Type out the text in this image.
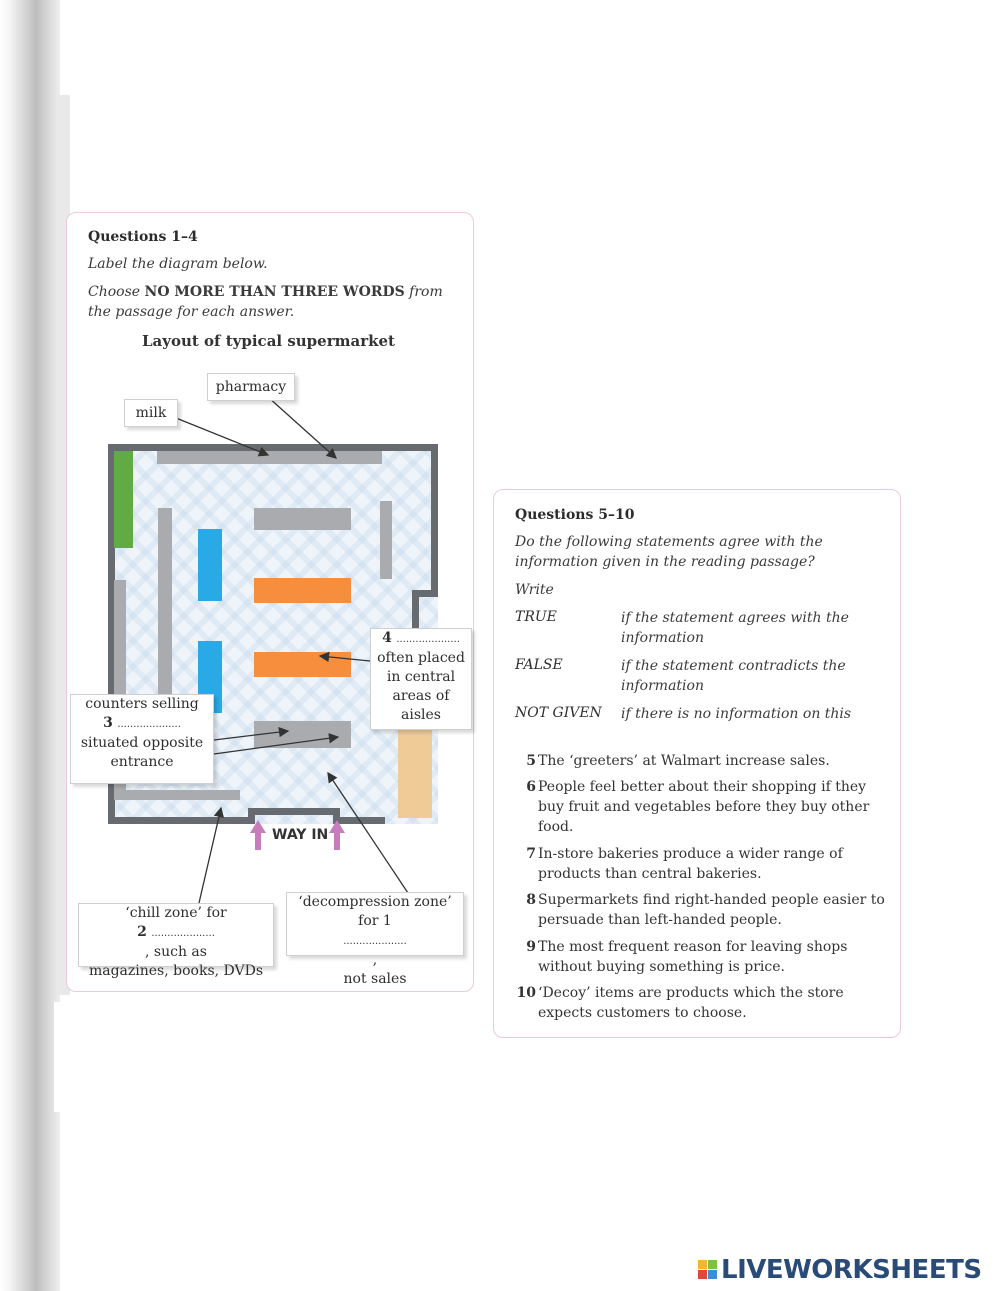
Questions 1–4
Label the diagram below.
Choose NO MORE THAN THREE WORDS from the passage for each answer.
Layout of typical supermarket
WAY IN
pharmacy
milk
4 ....................
often placed
in central
areas of
aisles
counters selling
3 ....................
situated opposite
entrance
‘chill zone’ for
2 ....................
, such as
magazines, books, DVDs
‘decompression zone’
for 1
....................
,
not sales
Questions 5–10
Do the following statements agree with the information given in the reading passage?
Write
TRUE	if the statement agrees with the information
FALSE	if the statement contradicts the information
NOT GIVEN if there is no information on this
5 The ‘greeters’ at Walmart increase sales.
6 People feel better about their shopping if they buy fruit and vegetables before they buy other food.
7 In-store bakeries produce a wider range of products than central bakeries.
8 Supermarkets find right-handed people easier to persuade than left-handed people.
9 The most frequent reason for leaving shops without buying something is price.
10 ‘Decoy’ items are products which the store expects customers to choose.
LIVEWORKSHEETS
